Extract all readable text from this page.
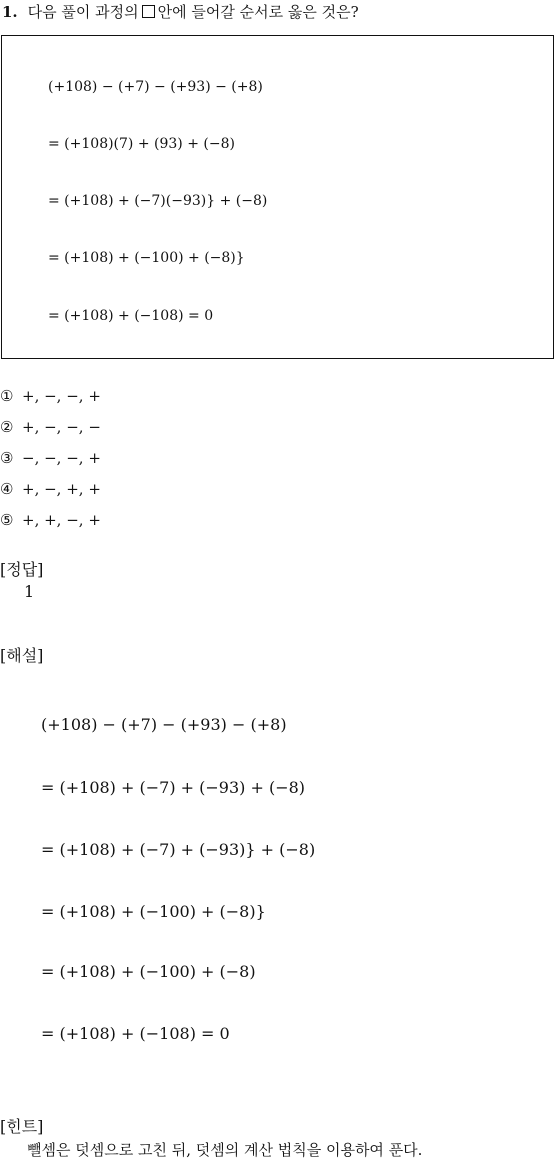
1. 다음 풀이 과정의 안에 들어갈 순서로 옳은 것은?
(+108) − (+7) − (+93) − (+8)
= (+108)(7) + (93) + (−8)
= (+108) + (−7)(−93)} + (−8)
= (+108) + (−100) + (−8)}
= (+108) + (−108) = 0
① +, −, −, +
② +, −, −, −
③ −, −, −, +
④ +, −, +, +
⑤ +, +, −, +
[정답]
1
[해설]
(+108) − (+7) − (+93) − (+8)
= (+108) + (−7) + (−93) + (−8)
= (+108) + (−7) + (−93)} + (−8)
= (+108) + (−100) + (−8)}
= (+108) + (−100) + (−8)
= (+108) + (−108) = 0
[힌트]
뺄셈은 덧셈으로 고친 뒤, 덧셈의 계산 법칙을 이용하여 푼다.
